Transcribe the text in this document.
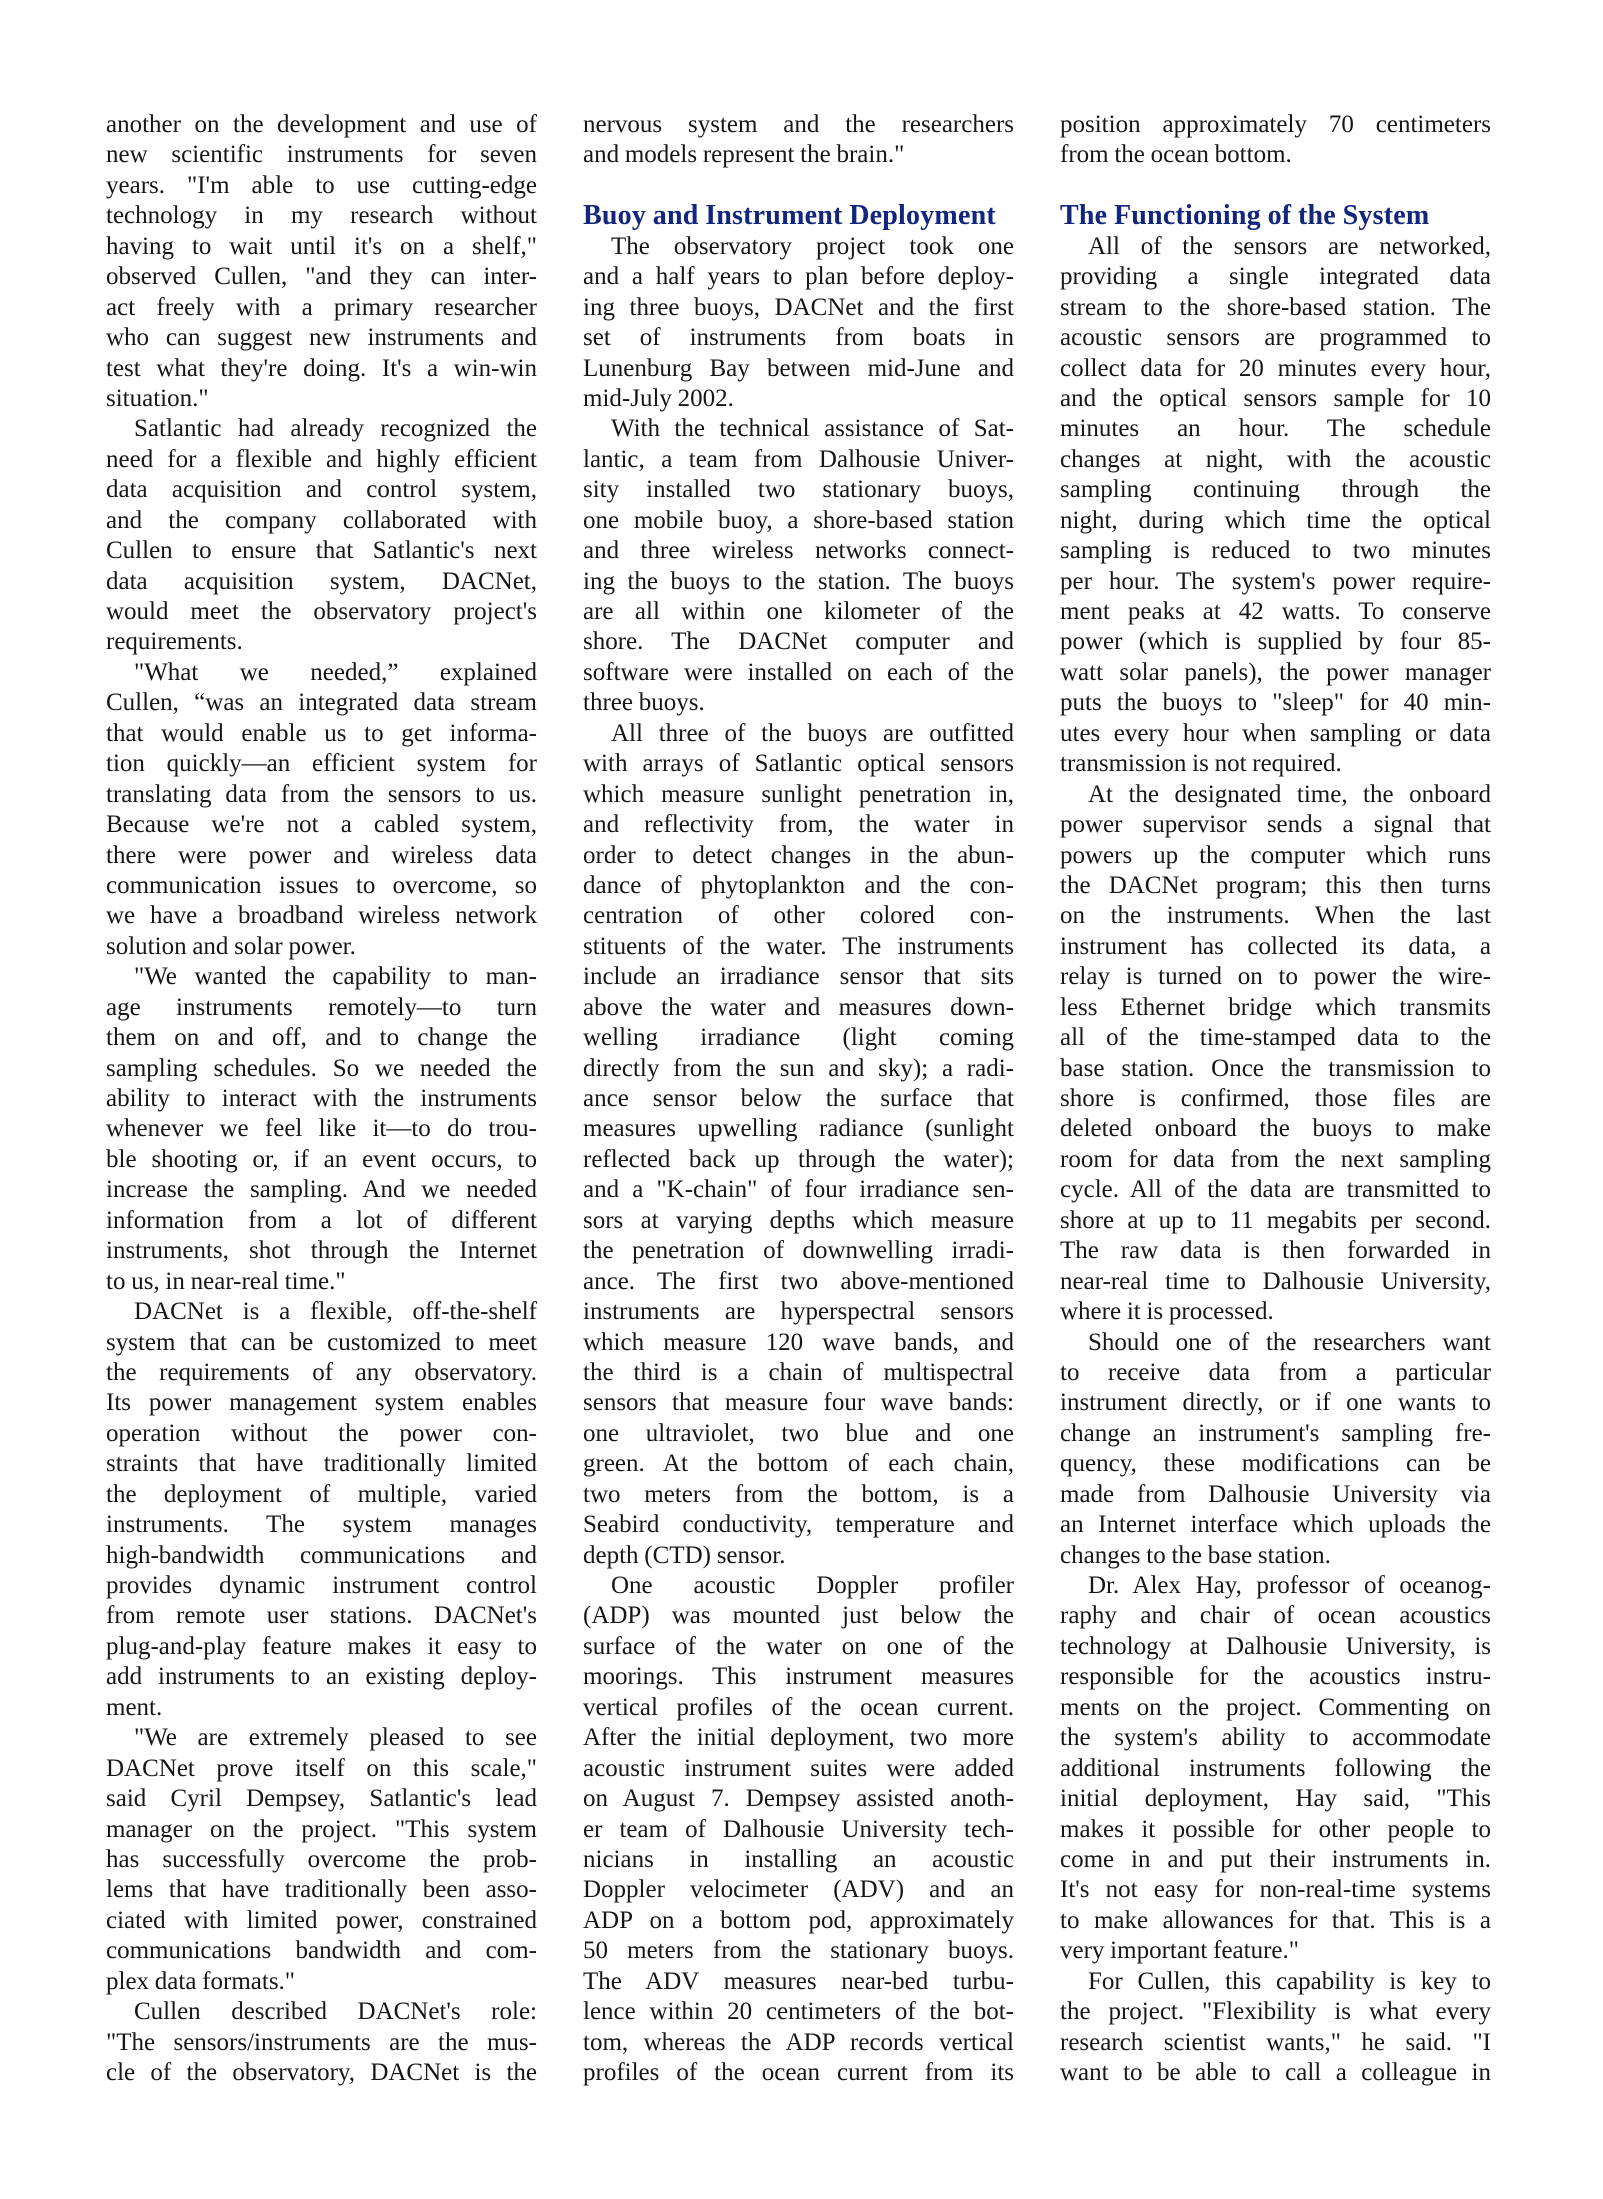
another on the development and use of
new scientific instruments for seven
years. "I'm able to use cutting-edge
technology in my research without
having to wait until it's on a shelf,"
observed Cullen, "and they can inter-
act freely with a primary researcher
who can suggest new instruments and
test what they're doing. It's a win-win
situation."
Satlantic had already recognized the
need for a flexible and highly efficient
data acquisition and control system,
and the company collaborated with
Cullen to ensure that Satlantic's next
data acquisition system, DACNet,
would meet the observatory project's
requirements.
"What we needed,” explained
Cullen, “was an integrated data stream
that would enable us to get informa-
tion quickly—an efficient system for
translating data from the sensors to us.
Because we're not a cabled system,
there were power and wireless data
communication issues to overcome, so
we have a broadband wireless network
solution and solar power.
"We wanted the capability to man-
age instruments remotely—to turn
them on and off, and to change the
sampling schedules. So we needed the
ability to interact with the instruments
whenever we feel like it—to do trou-
ble shooting or, if an event occurs, to
increase the sampling. And we needed
information from a lot of different
instruments, shot through the Internet
to us, in near-real time."
DACNet is a flexible, off-the-shelf
system that can be customized to meet
the requirements of any observatory.
Its power management system enables
operation without the power con-
straints that have traditionally limited
the deployment of multiple, varied
instruments. The system manages
high-bandwidth communications and
provides dynamic instrument control
from remote user stations. DACNet's
plug-and-play feature makes it easy to
add instruments to an existing deploy-
ment.
"We are extremely pleased to see
DACNet prove itself on this scale,"
said Cyril Dempsey, Satlantic's lead
manager on the project. "This system
has successfully overcome the prob-
lems that have traditionally been asso-
ciated with limited power, constrained
communications bandwidth and com-
plex data formats."
Cullen described DACNet's role:
"The sensors/instruments are the mus-
cle of the observatory, DACNet is the
nervous system and the researchers
and models represent the brain."
Buoy and Instrument Deployment
The observatory project took one
and a half years to plan before deploy-
ing three buoys, DACNet and the first
set of instruments from boats in
Lunenburg Bay between mid-June and
mid-July 2002.
With the technical assistance of Sat-
lantic, a team from Dalhousie Univer-
sity installed two stationary buoys,
one mobile buoy, a shore-based station
and three wireless networks connect-
ing the buoys to the station. The buoys
are all within one kilometer of the
shore. The DACNet computer and
software were installed on each of the
three buoys.
All three of the buoys are outfitted
with arrays of Satlantic optical sensors
which measure sunlight penetration in,
and reflectivity from, the water in
order to detect changes in the abun-
dance of phytoplankton and the con-
centration of other colored con-
stituents of the water. The instruments
include an irradiance sensor that sits
above the water and measures down-
welling irradiance (light coming
directly from the sun and sky); a radi-
ance sensor below the surface that
measures upwelling radiance (sunlight
reflected back up through the water);
and a "K-chain" of four irradiance sen-
sors at varying depths which measure
the penetration of downwelling irradi-
ance. The first two above-mentioned
instruments are hyperspectral sensors
which measure 120 wave bands, and
the third is a chain of multispectral
sensors that measure four wave bands:
one ultraviolet, two blue and one
green. At the bottom of each chain,
two meters from the bottom, is a
Seabird conductivity, temperature and
depth (CTD) sensor.
One acoustic Doppler profiler
(ADP) was mounted just below the
surface of the water on one of the
moorings. This instrument measures
vertical profiles of the ocean current.
After the initial deployment, two more
acoustic instrument suites were added
on August 7. Dempsey assisted anoth-
er team of Dalhousie University tech-
nicians in installing an acoustic
Doppler velocimeter (ADV) and an
ADP on a bottom pod, approximately
50 meters from the stationary buoys.
The ADV measures near-bed turbu-
lence within 20 centimeters of the bot-
tom, whereas the ADP records vertical
profiles of the ocean current from its
position approximately 70 centimeters
from the ocean bottom.
The Functioning of the System
All of the sensors are networked,
providing a single integrated data
stream to the shore-based station. The
acoustic sensors are programmed to
collect data for 20 minutes every hour,
and the optical sensors sample for 10
minutes an hour. The schedule
changes at night, with the acoustic
sampling continuing through the
night, during which time the optical
sampling is reduced to two minutes
per hour. The system's power require-
ment peaks at 42 watts. To conserve
power (which is supplied by four 85-
watt solar panels), the power manager
puts the buoys to "sleep" for 40 min-
utes every hour when sampling or data
transmission is not required.
At the designated time, the onboard
power supervisor sends a signal that
powers up the computer which runs
the DACNet program; this then turns
on the instruments. When the last
instrument has collected its data, a
relay is turned on to power the wire-
less Ethernet bridge which transmits
all of the time-stamped data to the
base station. Once the transmission to
shore is confirmed, those files are
deleted onboard the buoys to make
room for data from the next sampling
cycle. All of the data are transmitted to
shore at up to 11 megabits per second.
The raw data is then forwarded in
near-real time to Dalhousie University,
where it is processed.
Should one of the researchers want
to receive data from a particular
instrument directly, or if one wants to
change an instrument's sampling fre-
quency, these modifications can be
made from Dalhousie University via
an Internet interface which uploads the
changes to the base station.
Dr. Alex Hay, professor of oceanog-
raphy and chair of ocean acoustics
technology at Dalhousie University, is
responsible for the acoustics instru-
ments on the project. Commenting on
the system's ability to accommodate
additional instruments following the
initial deployment, Hay said, "This
makes it possible for other people to
come in and put their instruments in.
It's not easy for non-real-time systems
to make allowances for that. This is a
very important feature."
For Cullen, this capability is key to
the project. "Flexibility is what every
research scientist wants," he said. "I
want to be able to call a colleague in
